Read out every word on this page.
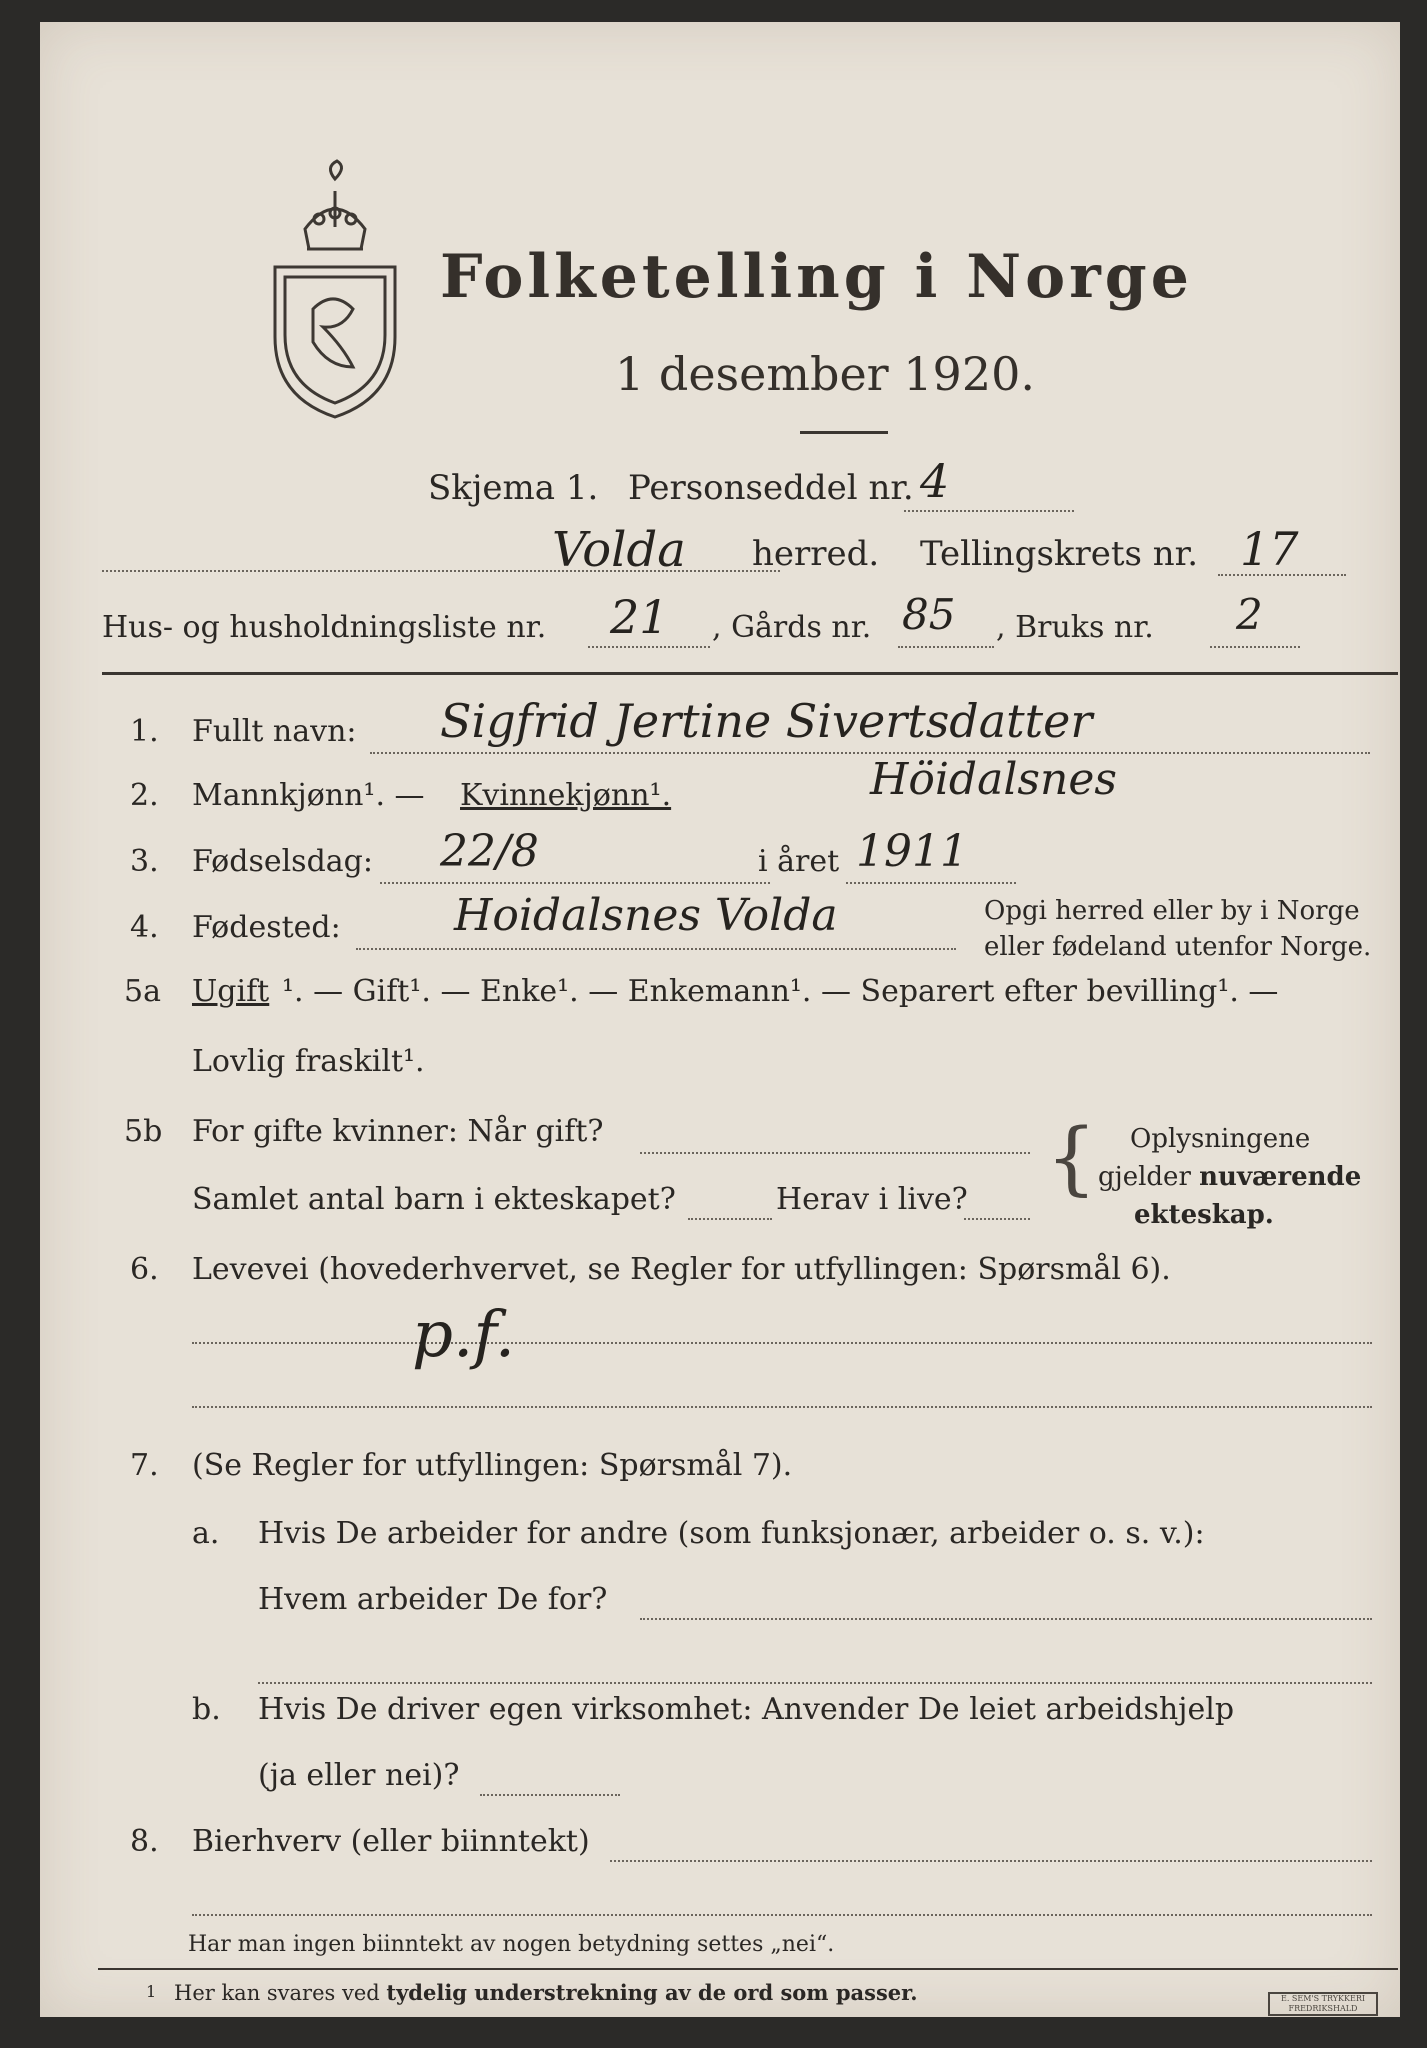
Folketelling i Norge
1 desember 1920.
Skjema 1. Personseddel nr. 4
Volda herred. Tellingskrets nr. 17
Hus- og husholdningsliste nr. 21 , Gårds nr. 85 , Bruks nr. 2
1. Fullt navn: Sigfrid Jertine Sivertsdatter
Höidalsnes
2. Mannkjønn¹. — Kvinnekjønn¹.
3. Fødselsdag: 22/8	i året 1911
4. Fødested:	Hoidalsnes Volda	Opgi herred eller by i Norge
eller fødeland utenfor Norge.
5a Ugift ¹. — Gift¹. — Enke¹. — Enkemann¹. — Separert efter bevilling¹. —
Lovlig fraskilt¹.
5b For gifte kvinner: Når gift?
Samlet antal barn i ekteskapet?	Herav i live? { Oplysningene
gjelder nuværende
ekteskap.
6. Levevei (hovederhvervet, se Regler for utfyllingen: Spørsmål 6).
p.f.
7. (Se Regler for utfyllingen: Spørsmål 7).
a. Hvis De arbeider for andre (som funksjonær, arbeider o. s. v.):
Hvem arbeider De for?
b. Hvis De driver egen virksomhet: Anvender De leiet arbeidshjelp
(ja eller nei)?
8. Bierhverv (eller biinntekt)
Har man ingen biinntekt av nogen betydning settes „nei“.
1 Her kan svares ved tydelig understrekning av de ord som passer.	E. SEM'S TRYKKERI FREDRIKSHALD
